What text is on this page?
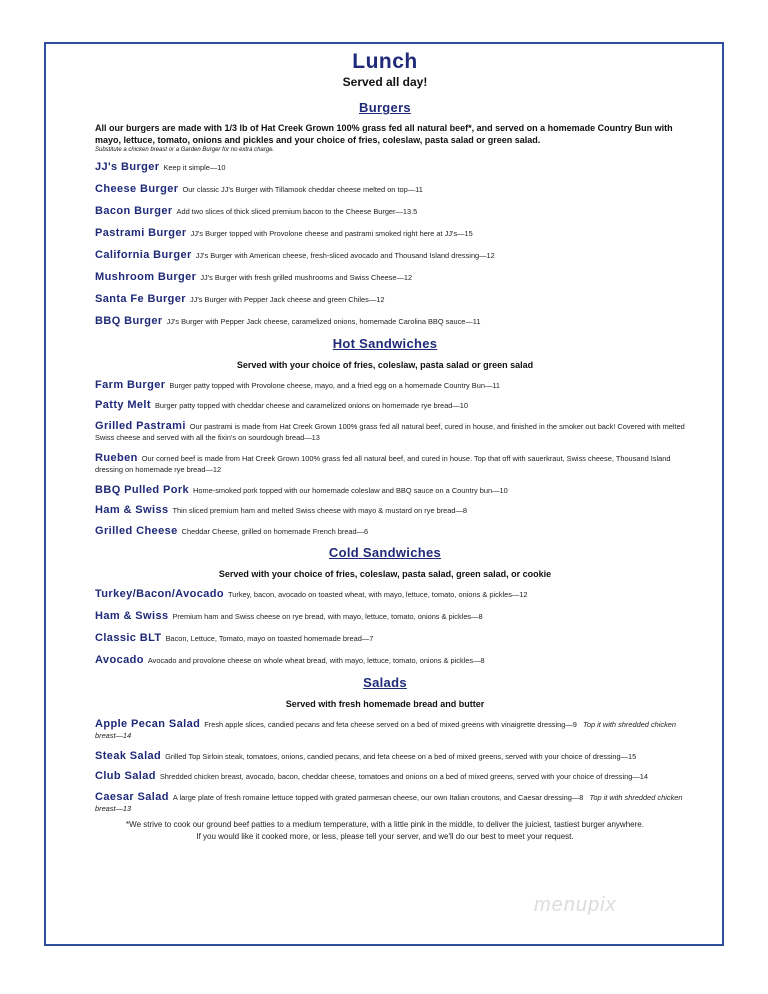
Lunch
Served all day!
Burgers
All our burgers are made with 1/3 lb of Hat Creek Grown 100% grass fed all natural beef*, and served on a homemade Country Bun with mayo, lettuce, tomato, onions and pickles and your choice of fries, coleslaw, pasta salad or green salad.
Substitute a chicken breast or a Garden Burger for no extra charge.
JJ's Burger Keep it simple—10
Cheese Burger Our classic JJ's Burger with Tillamook cheddar cheese melted on top—11
Bacon Burger Add two slices of thick sliced premium bacon to the Cheese Burger—13.5
Pastrami Burger JJ's Burger topped with Provolone cheese and pastrami smoked right here at JJ's—15
California Burger JJ's Burger with American cheese, fresh-sliced avocado and Thousand Island dressing—12
Mushroom Burger JJ's Burger with fresh grilled mushrooms and Swiss Cheese—12
Santa Fe Burger JJ's Burger with Pepper Jack cheese and green Chiles—12
BBQ Burger JJ's Burger with Pepper Jack cheese, caramelized onions, homemade Carolina BBQ sauce—11
Hot Sandwiches
Served with your choice of fries, coleslaw, pasta salad or green salad
Farm Burger Burger patty topped with Provolone cheese, mayo, and a fried egg on a homemade Country Bun—11
Patty Melt Burger patty topped with cheddar cheese and caramelized onions on homemade rye bread—10
Grilled Pastrami Our pastrami is made from Hat Creek Grown 100% grass fed all natural beef, cured in house, and finished in the smoker out back! Covered with melted Swiss cheese and served with all the fixin's on sourdough bread—13
Rueben Our corned beef is made from Hat Creek Grown 100% grass fed all natural beef, and cured in house. Top that off with sauerkraut, Swiss cheese, Thousand Island dressing on homemade rye bread—12
BBQ Pulled Pork Home-smoked pork topped with our homemade coleslaw and BBQ sauce on a Country bun—10
Ham & Swiss Thin sliced premium ham and melted Swiss cheese with mayo & mustard on rye bread—8
Grilled Cheese Cheddar Cheese, grilled on homemade French bread—6
Cold Sandwiches
Served with your choice of fries, coleslaw, pasta salad, green salad, or cookie
Turkey/Bacon/Avocado Turkey, bacon, avocado on toasted wheat, with mayo, lettuce, tomato, onions & pickles—12
Ham & Swiss Premium ham and Swiss cheese on rye bread, with mayo, lettuce, tomato, onions & pickles—8
Classic BLT Bacon, Lettuce, Tomato, mayo on toasted homemade bread—7
Avocado Avocado and provolone cheese on whole wheat bread, with mayo, lettuce, tomato, onions & pickles—8
Salads
Served with fresh homemade bread and butter
Apple Pecan Salad Fresh apple slices, candied pecans and feta cheese served on a bed of mixed greens with vinaigrette dressing—9 Top it with shredded chicken breast—14
Steak Salad Grilled Top Sirloin steak, tomatoes, onions, candied pecans, and feta cheese on a bed of mixed greens, served with your choice of dressing—15
Club Salad Shredded chicken breast, avocado, bacon, cheddar cheese, tomatoes and onions on a bed of mixed greens, served with your choice of dressing—14
Caesar Salad A large plate of fresh romaine lettuce topped with grated parmesan cheese, our own Italian croutons, and Caesar dressing—8 Top it with shredded chicken breast—13
*We strive to cook our ground beef patties to a medium temperature, with a little pink in the middle, to deliver the juiciest, tastiest burger anywhere.
If you would like it cooked more, or less, please tell your server, and we'll do our best to meet your request.
menupix
